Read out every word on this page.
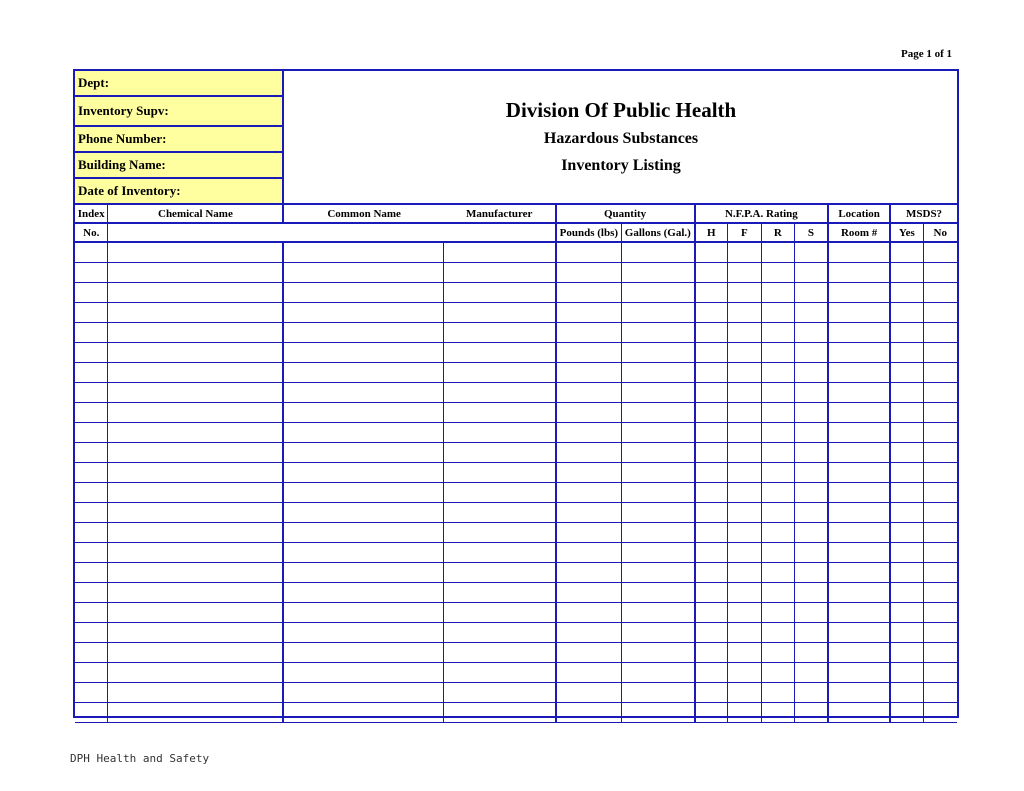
Page 1 of 1
Dept:
Inventory Supv:
Phone Number:
Building Name:
Date of Inventory:
Division Of Public Health
Hazardous Substances
Inventory Listing
Index	Chemical Name	Common Name	Manufacturer	Quantity		N.F.P.A. Rating				Location	MSDS?	
No.				Pounds (lbs)	Gallons (Gal.)	H	F	R	S	Room #	Yes	No

DPH Health and Safety
